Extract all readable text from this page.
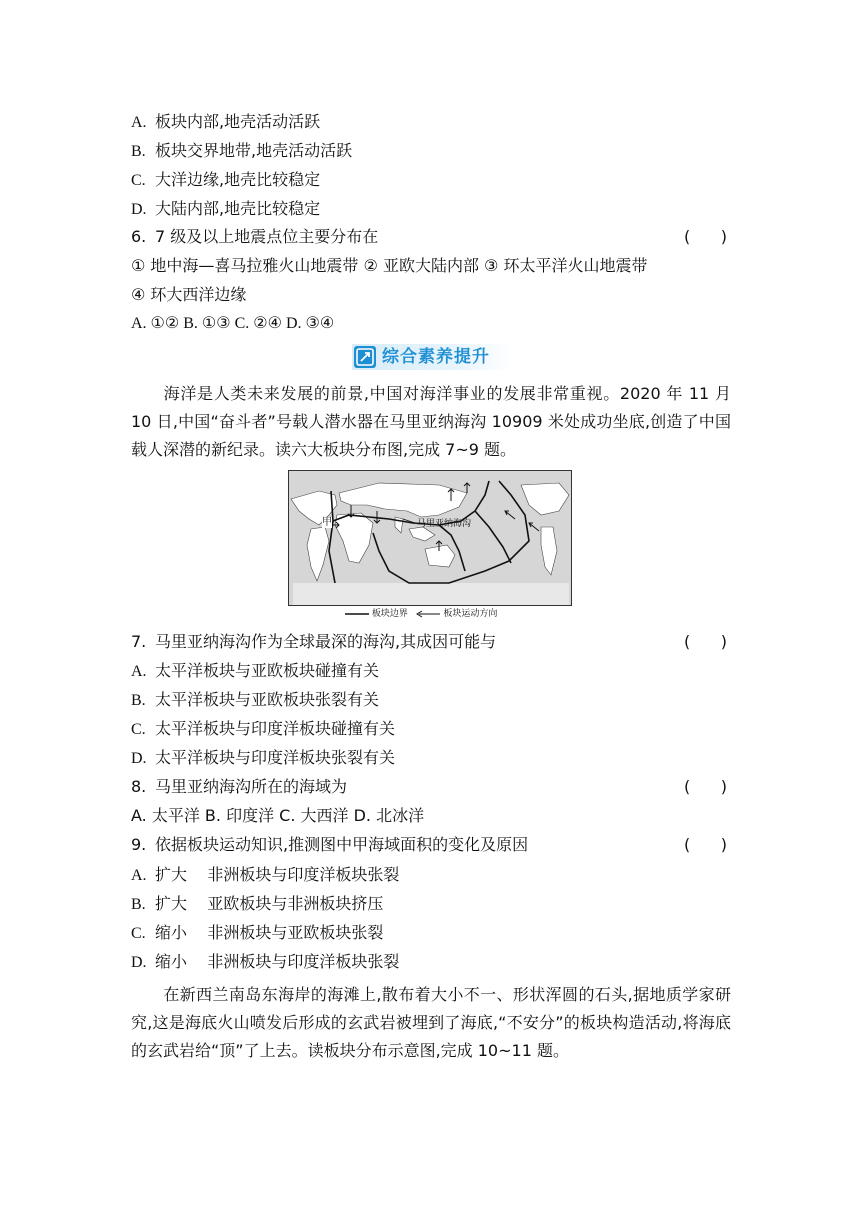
A. 板块内部,地壳活动活跃
B. 板块交界地带,地壳活动活跃
C. 大洋边缘,地壳比较稳定
D. 大陆内部,地壳比较稳定
6. 7 级及以上地震点位主要分布在	(      )
① 地中海—喜马拉雅火山地震带 ② 亚欧大陆内部 ③ 环太平洋火山地震带
④ 环大西洋边缘
A. ①② B. ①③ C. ②④ D. ③④
综合素养提升
海洋是人类未来发展的前景,中国对海洋事业的发展非常重视。2020 年 11 月 10 日,中国“奋斗者”号载人潜水器在马里亚纳海沟 10909 米处成功坐底,创造了中国载人深潜的新纪录。读六大板块分布图,完成 7~9 题。
甲	马里亚纳海沟
板块边界	板块运动方向
7. 马里亚纳海沟作为全球最深的海沟,其成因可能与	(      )
A. 太平洋板块与亚欧板块碰撞有关
B. 太平洋板块与亚欧板块张裂有关
C. 太平洋板块与印度洋板块碰撞有关
D. 太平洋板块与印度洋板块张裂有关
8. 马里亚纳海沟所在的海域为	(      )
A. 太平洋 B. 印度洋 C. 大西洋 D. 北冰洋
9. 依据板块运动知识,推测图中甲海域面积的变化及原因	(      )
A. 扩大    非洲板块与印度洋板块张裂
B. 扩大    亚欧板块与非洲板块挤压
C. 缩小    非洲板块与亚欧板块张裂
D. 缩小    非洲板块与印度洋板块张裂
在新西兰南岛东海岸的海滩上,散布着大小不一、形状浑圆的石头,据地质学家研究,这是海底火山喷发后形成的玄武岩被埋到了海底,“不安分”的板块构造活动,将海底的玄武岩给“顶”了上去。读板块分布示意图,完成 10~11 题。
